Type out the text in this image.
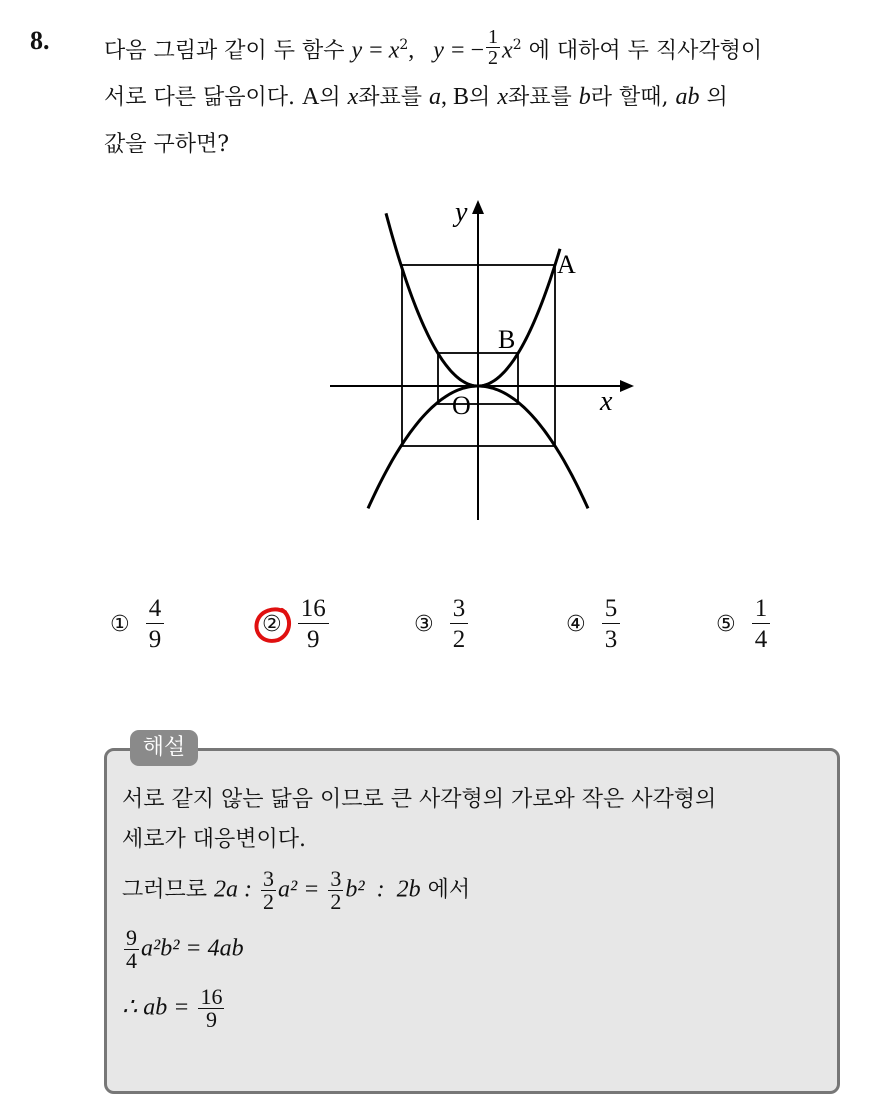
8. 다음 그림과 같이 두 함수 $y = x^2$,   y = − $\frac{1}{2} x^2$ 에 대하여 두 직사각형이
서로 다른 닮음이다. A의 x좌표를 a, B의 x좌표를 b라 할때, ab 의
값을 구하면?
y
x
O
A
B
① $\frac{4}{9}$	② $\frac{16}{9}$	③ $\frac{3}{2}$	④ $\frac{5}{3}$	⑤ $\frac{1}{4}$
해설
서로 같지 않는 닮음 이므로 큰 사각형의 가로와 작은 사각형의
세로가 대응변이다.
그러므로 2a : $\frac{3}{2} a^2 = \frac{3}{2} b^2$  :  2b 에서
$\frac{9}{4} a^2b^2 = 4ab$
∴ ab = $\frac{16}{9}$
